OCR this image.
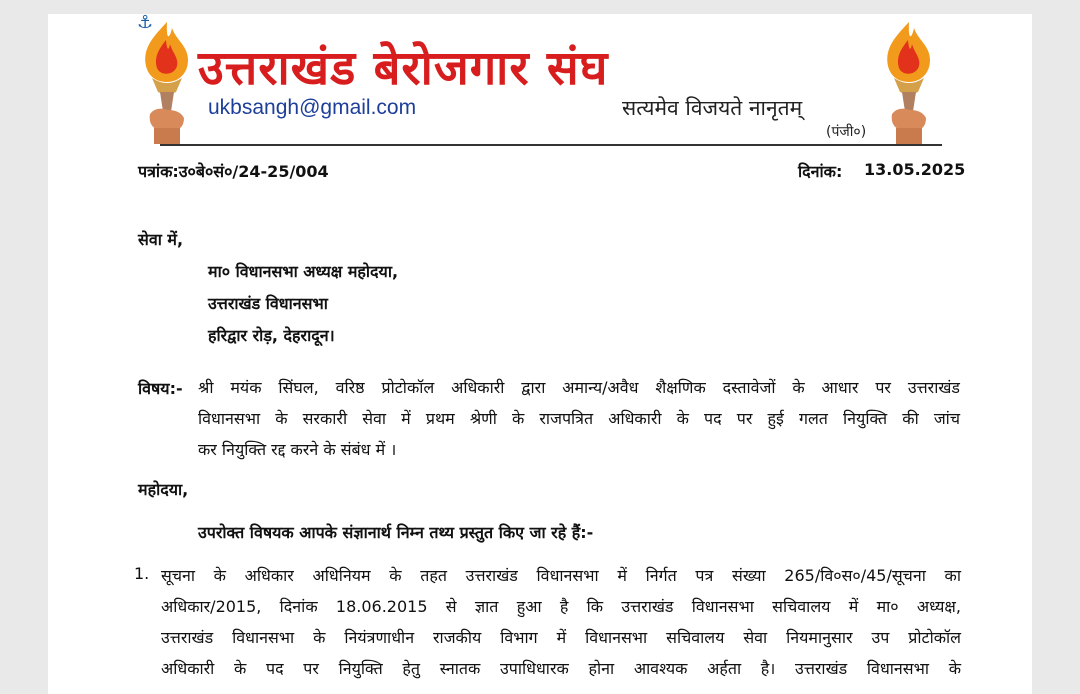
⚓
उत्तराखंड बेरोजगार संघ
ukbsangh@gmail.com	सत्यमेव विजयते नानृतम्
(पंजी०)
पत्रांक:उ०बे०सं०/24-25/004	दिनांक: 13.05.2025
सेवा में,
मा० विधानसभा अध्यक्ष महोदया,
उत्तराखंड विधानसभा
हरिद्वार रोड़, देहरादून।
विषय:- श्री मयंक सिंघल, वरिष्ठ प्रोटोकॉल अधिकारी द्वारा अमान्य/अवैध शैक्षणिक दस्तावेजों के आधार पर उत्तराखंड
विधानसभा के सरकारी सेवा में प्रथम श्रेणी के राजपत्रित अधिकारी के पद पर हुई गलत नियुक्ति की जांच
कर नियुक्ति रद्द करने के संबंध में ।
महोदया,
उपरोक्त विषयक आपके संज्ञानार्थ निम्न तथ्य प्रस्तुत किए जा रहे हैं:-
1. सूचना के अधिकार अधिनियम के तहत उत्तराखंड विधानसभा में निर्गत पत्र संख्या 265/वि०स०/45/सूचना का
अधिकार/2015, दिनांक 18.06.2015 से ज्ञात हुआ है कि उत्तराखंड विधानसभा सचिवालय में मा० अध्यक्ष,
उत्तराखंड विधानसभा के नियंत्रणाधीन राजकीय विभाग में विधानसभा सचिवालय सेवा नियमानुसार उप प्रोटोकॉल
अधिकारी के पद पर नियुक्ति हेतु स्नातक उपाधिधारक होना आवश्यक अर्हता है। उत्तराखंड विधानसभा के
